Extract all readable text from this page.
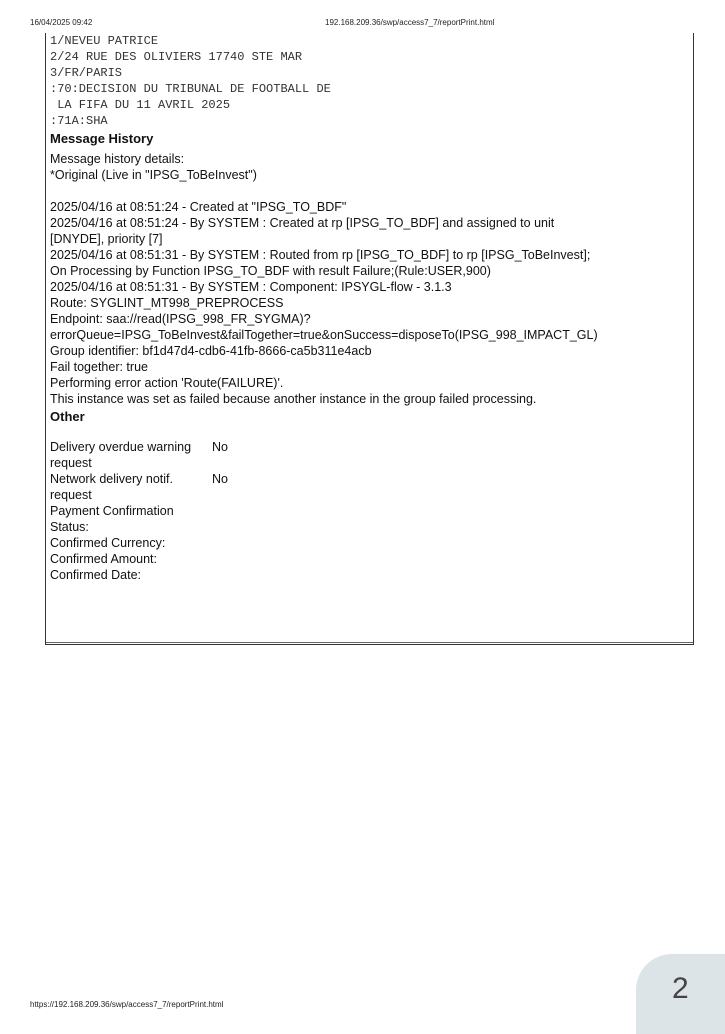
16/04/2025 09:42	192.168.209.36/swp/access7_7/reportPrint.html
1/NEVEU PATRICE
2/24 RUE DES OLIVIERS 17740 STE MAR
3/FR/PARIS
:70:DECISION DU TRIBUNAL DE FOOTBALL DE
LA FIFA DU 11 AVRIL 2025
:71A:SHA
Message History
Message history details:
*Original (Live in "IPSG_ToBeInvest")
2025/04/16 at 08:51:24 - Created at "IPSG_TO_BDF"
2025/04/16 at 08:51:24 - By SYSTEM : Created at rp [IPSG_TO_BDF] and assigned to unit
[DNYDE], priority [7]
2025/04/16 at 08:51:31 - By SYSTEM : Routed from rp [IPSG_TO_BDF] to rp [IPSG_ToBeInvest];
On Processing by Function IPSG_TO_BDF with result Failure;(Rule:USER,900)
2025/04/16 at 08:51:31 - By SYSTEM : Component: IPSYGL-flow - 3.1.3
Route: SYGLINT_MT998_PREPROCESS
Endpoint: saa://read(IPSG_998_FR_SYGMA)?
errorQueue=IPSG_ToBeInvest&failTogether=true&onSuccess=disposeTo(IPSG_998_IMPACT_GL)
Group identifier: bf1d47d4-cdb6-41fb-8666-ca5b311e4acb
Fail together: true
Performing error action 'Route(FAILURE)'.
This instance was set as failed because another instance in the group failed processing.
Other
Delivery overdue warning request
No
Network delivery notif. request
No
Payment Confirmation Status:
Confirmed Currency:
Confirmed Amount:
Confirmed Date:
https://192.168.209.36/swp/access7_7/reportPrint.html	2
